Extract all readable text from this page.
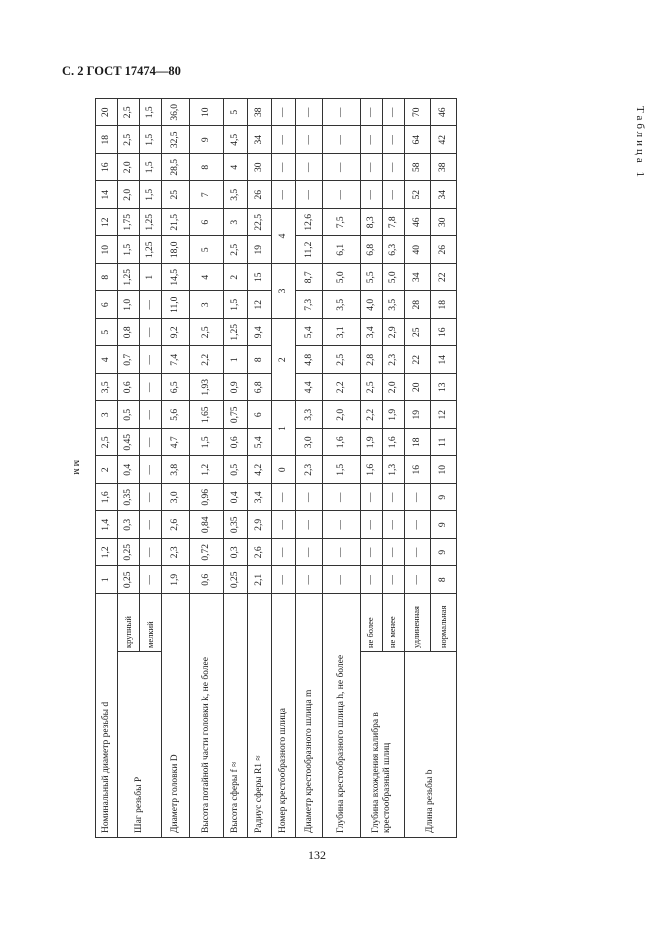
С. 2 ГОСТ 17474—80
Таблица 1
мм
Номинальный диаметр резьбы d		1	1,2	1,4	1,6	2	2,5	3	3,5	4	5	6	8	10	12	14	16	18	20
Шаг резьбы P	крупный	0,25	0,25	0,3	0,35	0,4	0,45	0,5	0,6	0,7	0,8	1,0	1,25	1,5	1,75	2,0	2,0	2,5	2,5
	мелкий	—	—	—	—	—	—	—	—	—	—	—	1	1,25	1,25	1,5	1,5	1,5	1,5
Диаметр головки D		1,9	2,3	2,6	3,0	3,8	4,7	5,6	6,5	7,4	9,2	11,0	14,5	18,0	21,5	25	28,5	32,5	36,0
Высота потайной части головки k, не более		0,6	0,72	0,84	0,96	1,2	1,5	1,65	1,93	2,2	2,5	3	4	5	6	7	8	9	10
Высота сферы f ≈		0,25	0,3	0,35	0,4	0,5	0,6	0,75	0,9	1	1,25	1,5	2	2,5	3	3,5	4	4,5	5
Радиус сферы R1 ≈		2,1	2,6	2,9	3,4	4,2	5,4	6	6,8	8	9,4	12	15	19	22,5	26	30	34	38
Номер крестообразного шлица		—	—	—	—	0	1		2			3		4		—	—	—	—
Диаметр крестообразного шлица m		—	—	—	—	2,3	3,0	3,3	4,4	4,8	5,4	7,3	8,7	11,2	12,6	—	—	—	—
Глубина крестообразного шлица h, не более		—	—	—	—	1,5	1,6	2,0	2,2	2,5	3,1	3,5	5,0	6,1	7,5	—	—	—	—
Глубина вхождения калибра в крестообразный шлиц	не более	—	—	—	—	1,6	1,9	2,2	2,5	2,8	3,4	4,0	5,5	6,8	8,3	—	—	—	—
	не менее	—	—	—	—	1,3	1,6	1,9	2,0	2,3	2,9	3,5	5,0	6,3	7,8	—	—	—	—
Длина резьбы b	удлиненная	—	—	—	—	16	18	19	20	22	25	28	34	40	46	52	58	64	70
	нормальная	8	9	9	9	10	11	12	13	14	16	18	22	26	30	34	38	42	46
132
